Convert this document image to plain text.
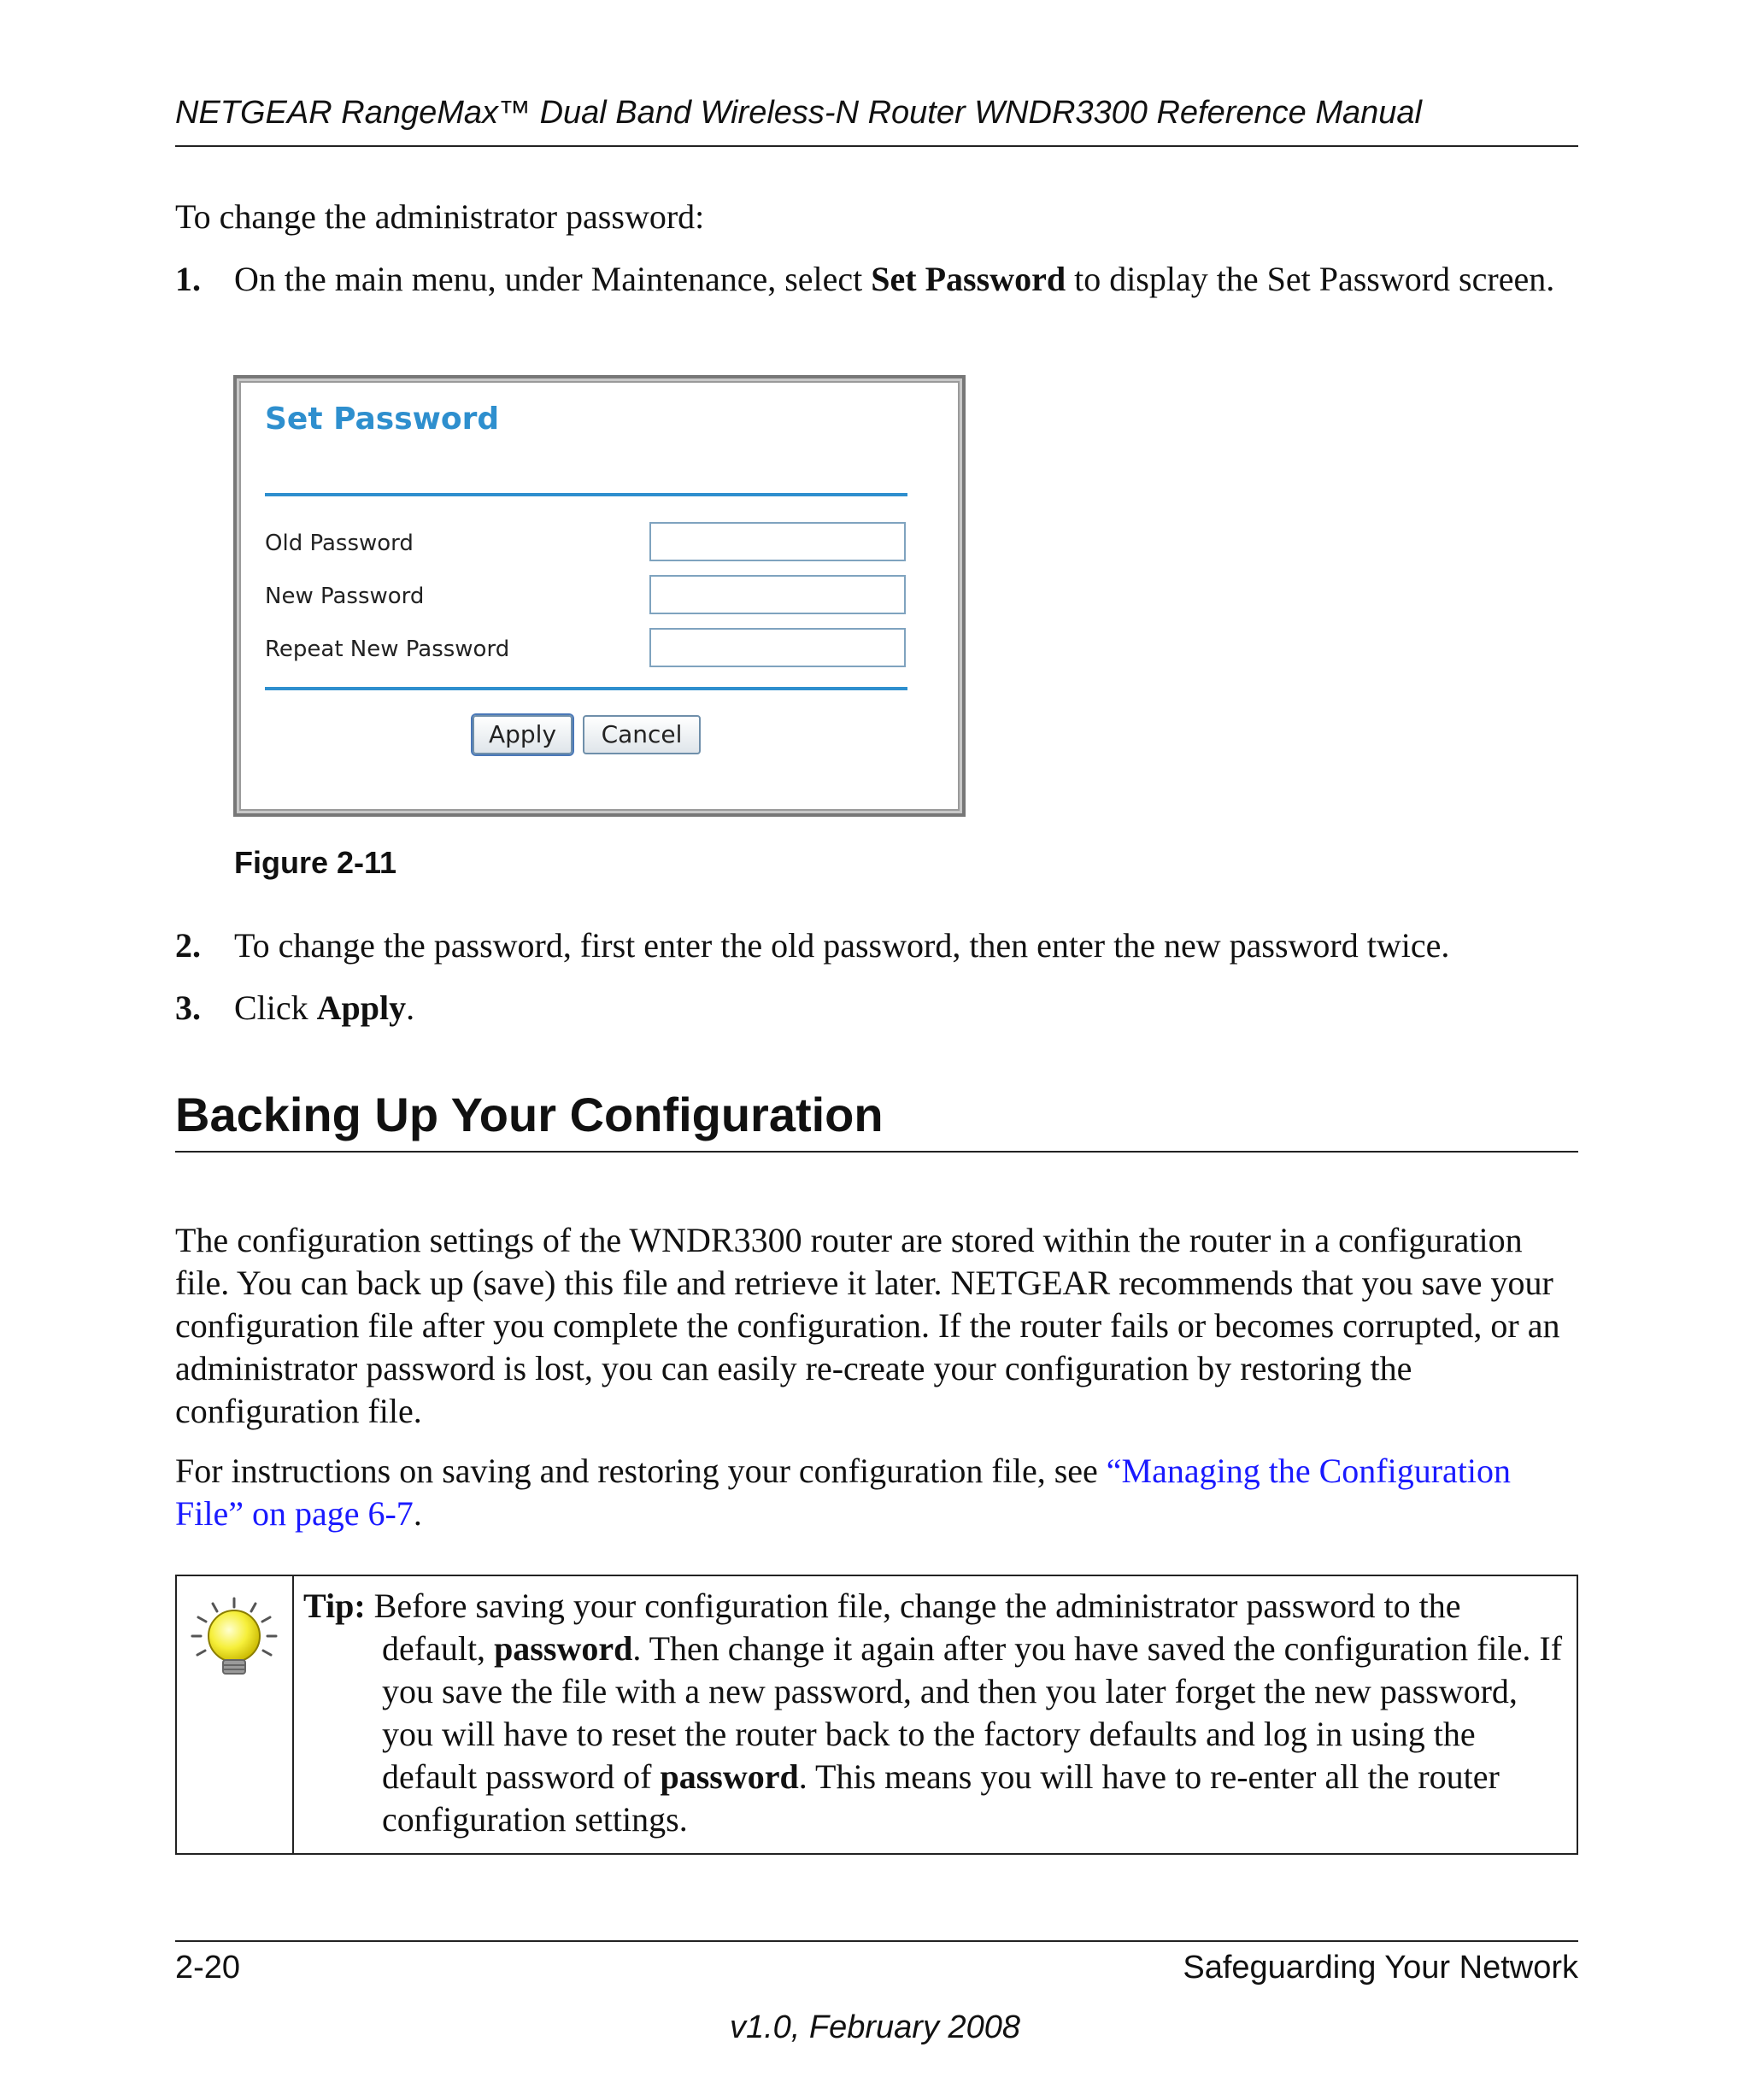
NETGEAR RangeMax™ Dual Band Wireless-N Router WNDR3300 Reference Manual
To change the administrator password:
1. On the main menu, under Maintenance, select Set Password to display the Set Password screen.
Set Password
Old Password
New Password
Repeat New Password
Apply	Cancel
Figure 2-11
2. To change the password, first enter the old password, then enter the new password twice.
3. Click Apply.
Backing Up Your Configuration
The configuration settings of the WNDR3300 router are stored within the router in a configuration file. You can back up (save) this file and retrieve it later. NETGEAR recommends that you save your configuration file after you complete the configuration. If the router fails or becomes corrupted, or an administrator password is lost, you can easily re-create your configuration by restoring the configuration file.
For instructions on saving and restoring your configuration file, see “Managing the Configuration File” on page 6-7.
Tip: Before saving your configuration file, change the administrator password to the default, password. Then change it again after you have saved the configuration file. If you save the file with a new password, and then you later forget the new password, you will have to reset the router back to the factory defaults and log in using the default password of password. This means you will have to re-enter all the router configuration settings.
2-20	Safeguarding Your Network
v1.0, February 2008
